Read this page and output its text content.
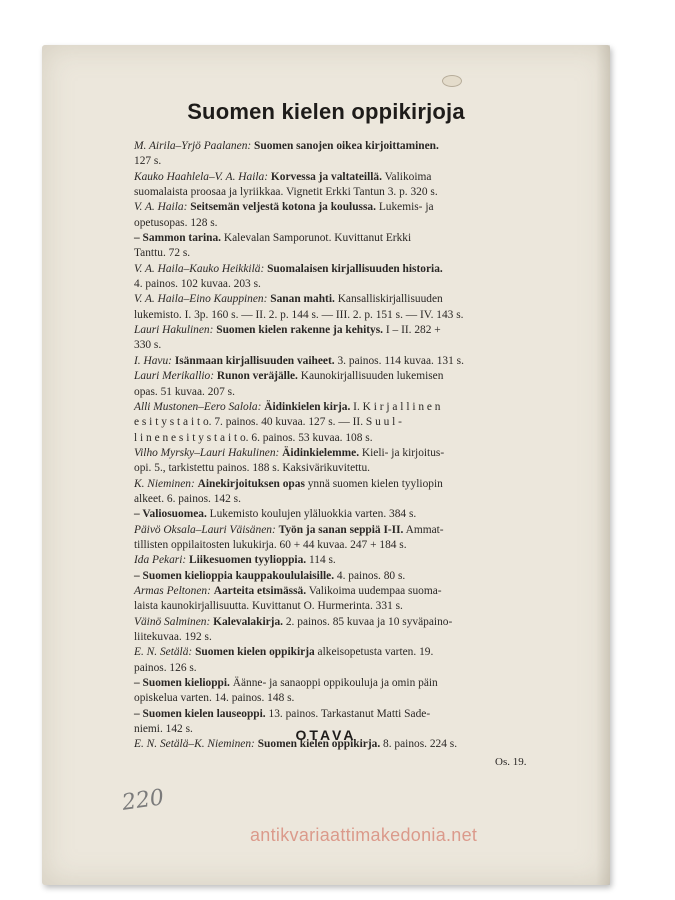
Suomen kielen oppikirjoja
M. Airila–Yrjö Paalanen: Suomen sanojen oikea kirjoittaminen.
127 s.
Kauko Haahlela–V. A. Haila: Korvessa ja valtateillä. Valikoima
suomalaista proosaa ja lyriikkaa. Vignetit Erkki Tantun 3. p. 320 s.
V. A. Haila: Seitsemän veljestä kotona ja koulussa. Lukemis- ja
opetusopas. 128 s.
– Sammon tarina. Kalevalan Samporunot. Kuvittanut Erkki
Tanttu. 72 s.
V. A. Haila–Kauko Heikkilä: Suomalaisen kirjallisuuden historia.
4. painos. 102 kuvaa. 203 s.
V. A. Haila–Eino Kauppinen: Sanan mahti. Kansalliskirjallisuuden
lukemisto. I. 3p. 160 s. — II. 2. p. 144 s. — III. 2. p. 151 s. — IV. 143 s.
Lauri Hakulinen: Suomen kielen rakenne ja kehitys. I – II. 282 +
330 s.
I. Havu: Isänmaan kirjallisuuden vaiheet. 3. painos. 114 kuvaa. 131 s.
Lauri Merikallio: Runon veräjälle. Kaunokirjallisuuden lukemisen
opas. 51 kuvaa. 207 s.
Alli Mustonen–Eero Salola: Äidinkielen kirja. I. K i r j a l l i n e n
e s i t y s t a i t o. 7. painos. 40 kuvaa. 127 s. — II. S u u l -
l i n e n e s i t y s t a i t o. 6. painos. 53 kuvaa. 108 s.
Vilho Myrsky–Lauri Hakulinen: Äidinkielemme. Kieli- ja kirjoitus-
opi. 5., tarkistettu painos. 188 s. Kaksivärikuvitettu.
K. Nieminen: Ainekirjoituksen opas ynnä suomen kielen tyyliopin
alkeet. 6. painos. 142 s.
– Valiosuomea. Lukemisto koulujen yläluokkia varten. 384 s.
Päivö Oksala–Lauri Väisänen: Työn ja sanan seppiä I-II. Ammat-
tillisten oppilaitosten lukukirja. 60 + 44 kuvaa. 247 + 184 s.
Ida Pekari: Liikesuomen tyylioppia. 114 s.
– Suomen kielioppia kauppakoululaisille. 4. painos. 80 s.
Armas Peltonen: Aarteita etsimässä. Valikoima uudempaa suoma-
laista kaunokirjallisuutta. Kuvittanut O. Hurmerinta. 331 s.
Väinö Salminen: Kalevalakirja. 2. painos. 85 kuvaa ja 10 syväpaino-
liitekuvaa. 192 s.
E. N. Setälä: Suomen kielen oppikirja alkeisopetusta varten. 19.
painos. 126 s.
– Suomen kielioppi. Äänne- ja sanaoppi oppikouluja ja omin päin
opiskelua varten. 14. painos. 148 s.
– Suomen kielen lauseoppi. 13. painos. Tarkastanut Matti Sade-
niemi. 142 s.
E. N. Setälä–K. Nieminen: Suomen kielen oppikirja. 8. painos. 224 s.
OTAVA
Os. 19.
220
antikvariaattimakedonia.net
